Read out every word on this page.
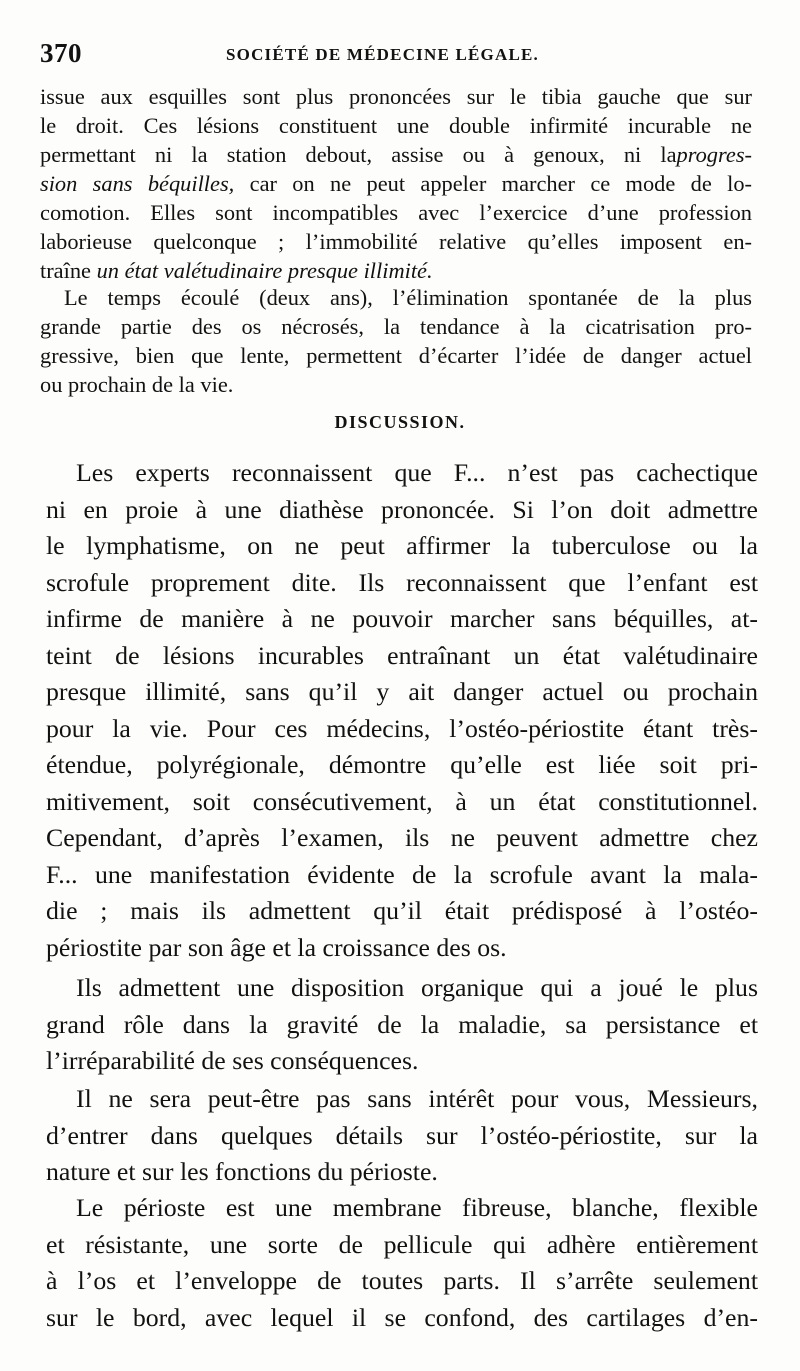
370	SOCIÉTÉ DE MÉDECINE LÉGALE.
issue aux esquilles sont plus prononcées sur le tibia gauche que sur
le droit. Ces lésions constituent une double infirmité incurable ne
permettant ni la station debout, assise ou à genoux, ni laprogres-
sion sans béquilles, car on ne peut appeler marcher ce mode de lo-
comotion. Elles sont incompatibles avec l’exercice d’une profession
laborieuse quelconque ; l’immobilité relative qu’elles imposent en-
traîne un état valétudinaire presque illimité.
Le temps écoulé (deux ans), l’élimination spontanée de la plus
grande partie des os nécrosés, la tendance à la cicatrisation pro-
gressive, bien que lente, permettent d’écarter l’idée de danger actuel
ou prochain de la vie.
DISCUSSION.
Les experts reconnaissent que F... n’est pas cachectique
ni en proie à une diathèse prononcée. Si l’on doit admettre
le lymphatisme, on ne peut affirmer la tuberculose ou la
scrofule proprement dite. Ils reconnaissent que l’enfant est
infirme de manière à ne pouvoir marcher sans béquilles, at-
teint de lésions incurables entraînant un état valétudinaire
presque illimité, sans qu’il y ait danger actuel ou prochain
pour la vie. Pour ces médecins, l’ostéo-périostite étant très-
étendue, polyrégionale, démontre qu’elle est liée soit pri-
mitivement, soit consécutivement, à un état constitutionnel.
Cependant, d’après l’examen, ils ne peuvent admettre chez
F... une manifestation évidente de la scrofule avant la mala-
die ; mais ils admettent qu’il était prédisposé à l’ostéo-
périostite par son âge et la croissance des os.
Ils admettent une disposition organique qui a joué le plus
grand rôle dans la gravité de la maladie, sa persistance et
l’irréparabilité de ses conséquences.
Il ne sera peut-être pas sans intérêt pour vous, Messieurs,
d’entrer dans quelques détails sur l’ostéo-périostite, sur la
nature et sur les fonctions du périoste.
Le périoste est une membrane fibreuse, blanche, flexible
et résistante, une sorte de pellicule qui adhère entièrement
à l’os et l’enveloppe de toutes parts. Il s’arrête seulement
sur le bord, avec lequel il se confond, des cartilages d’en-
